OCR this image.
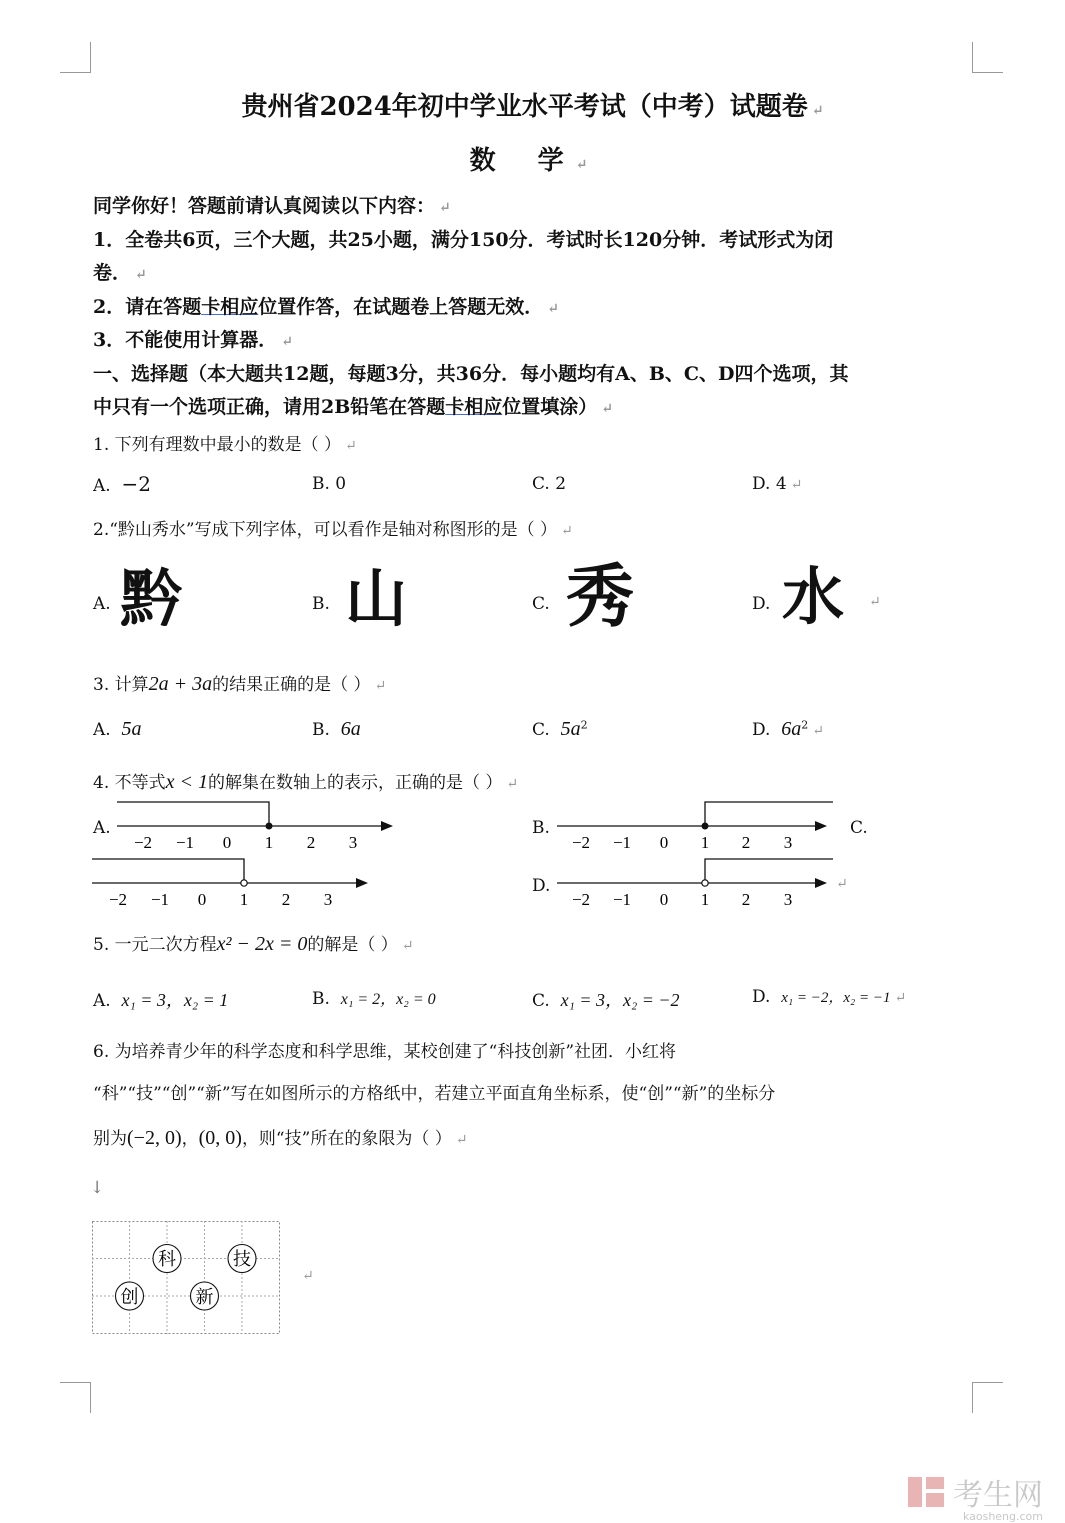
贵州省2024年初中学业水平考试（中考）试题卷 ↵
数  学 ↵
同学你好！答题前请认真阅读以下内容： ↵
1．全卷共6页，三个大题，共25小题，满分150分．考试时长120分钟．考试形式为闭
卷． ↵
2．请在答题卡相应位置作答，在试题卷上答题无效． ↵
3．不能使用计算器． ↵
一、选择题（本大题共12题，每题3分，共36分．每小题均有A、B、C、D四个选项，其
中只有一个选项正确，请用2B铅笔在答题卡相应位置填涂） ↵
1. 下列有理数中最小的数是（ ） ↵
A. −2	B. 0	C. 2	D. 4 ↵
2.“黔山秀水”写成下列字体，可以看作是轴对称图形的是（ ） ↵
A. 黔	B. 山	C. 秀	D. 水 ↵
3. 计算2a + 3a的结果正确的是（ ） ↵
A. 5a	B. 6a	C. $5a^2$	D. $6a^2$ ↵
4. 不等式x < 1的解集在数轴上的表示，正确的是（ ） ↵
A.	B.	C.
D.	↵
−2 −1 0 1 2 3	−2 −1 0 1 2 3
−2 −1 0 1 2 3	−2 −1 0 1 2 3
5. 一元二次方程x² − 2x = 0的解是（ ） ↵
A. x₁ = 3，x₂ = 1	B. x₁ = 2，x₂ = 0	C. x₁ = 3，x₂ = −2	D. x₁ = −2，x₂ = −1 ↵
6. 为培养青少年的科学态度和科学思维，某校创建了“科技创新”社团．小红将
“科”“技”“创”“新”写在如图所示的方格纸中，若建立平面直角坐标系，使“创”“新”的坐标分
别为(−2, 0)，(0, 0)，则“技”所在的象限为（ ） ↵
↓
科	技
创	新
↵
考生网
kaosheng.com
